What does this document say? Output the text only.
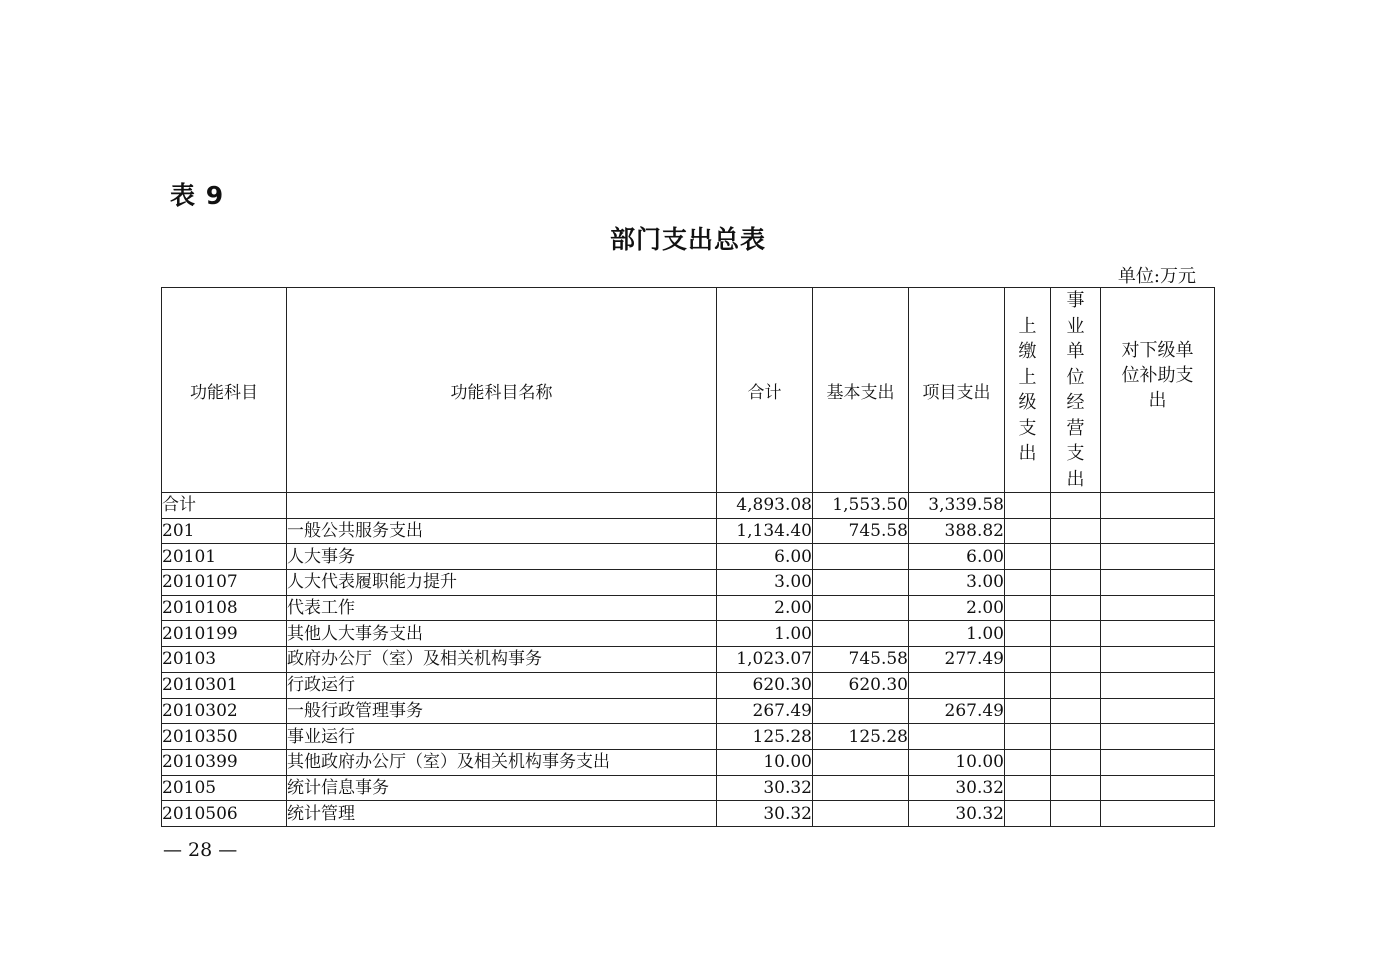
表 9
部门支出总表
单位:万元
功能科目	功能科目名称	合计	基本支出	项目支出	上缴上级支出	事业单位经营支出	对下级单位补助支出
合计		4,893.08	1,553.50	3,339.58			
201	一般公共服务支出	1,134.40	745.58	388.82			
20101	人大事务	6.00		6.00			
2010107	人大代表履职能力提升	3.00		3.00			
2010108	代表工作	2.00		2.00			
2010199	其他人大事务支出	1.00		1.00			
20103	政府办公厅（室）及相关机构事务	1,023.07	745.58	277.49			
2010301	行政运行	620.30	620.30				
2010302	一般行政管理事务	267.49		267.49			
2010350	事业运行	125.28	125.28				
2010399	其他政府办公厅（室）及相关机构事务支出	10.00		10.00			
20105	统计信息事务	30.32		30.32			
2010506	统计管理	30.32		30.32			
— 28 —
